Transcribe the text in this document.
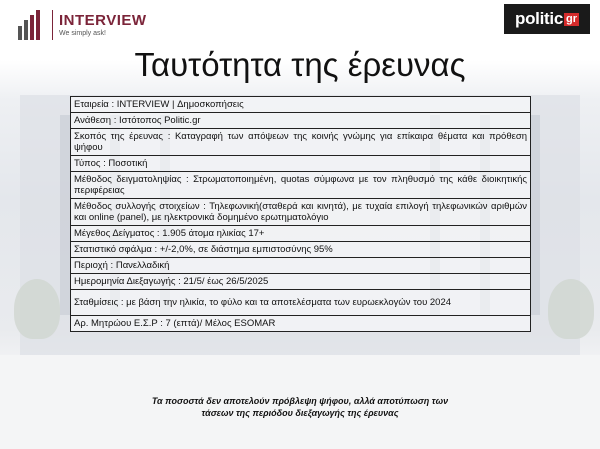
INTERVIEW
We simply ask!
politic gr
Ταυτότητα της έρευνας
Εταιρεία : INTERVIEW | Δημοσκοπήσεις
Ανάθεση : Ιστότοπος Politic.gr
Σκοπός της έρευνας : Καταγραφή των απόψεων της κοινής γνώμης για επίκαιρα θέματα και πρόθεση ψήφου
Τύπος : Ποσοτική
Μέθοδος δειγματοληψίας : Στρωματοποιημένη, quotas σύμφωνα με τον πληθυσμό της κάθε διοικητικής περιφέρειας
Μέθοδος συλλογής στοιχείων : Τηλεφωνική(σταθερά και κινητά), με τυχαία επιλογή τηλεφωνικών αριθμών και online (panel), με ηλεκτρονικά δομημένο ερωτηματολόγιο
Μέγεθος Δείγματος : 1.905 άτομα ηλικίας 17+
Στατιστικό σφάλμα : +/-2,0%, σε διάστημα εμπιστοσύνης 95%
Περιοχή : Πανελλαδική
Ημερομηνία Διεξαγωγής : 21/5/ έως 26/5/2025
Σταθμίσεις : με βάση την ηλικία, το φύλο και τα αποτελέσματα των ευρωεκλογών του 2024
Αρ. Μητρώου Ε.Σ.Ρ : 7 (επτά)/ Μέλος ESOMAR

Τα ποσοστά δεν αποτελούν πρόβλεψη ψήφου, αλλά αποτύπωση των
τάσεων της περιόδου διεξαγωγής της έρευνας
